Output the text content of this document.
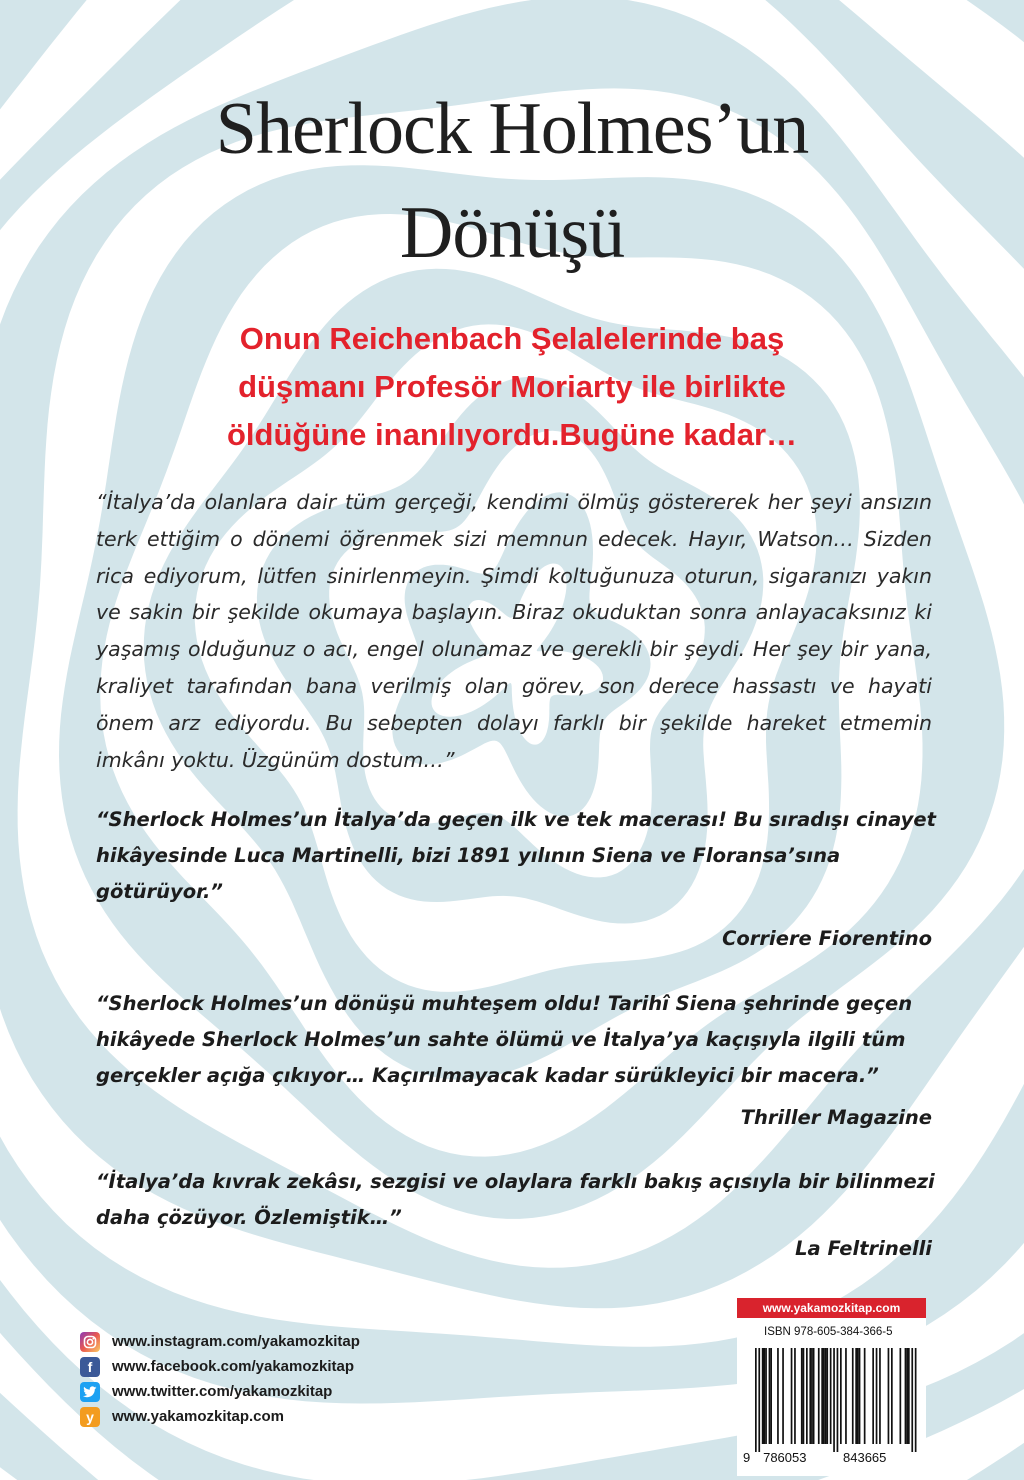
Sherlock Holmes’un
Dönüşü
Onun Reichenbach Şelalelerinde baş
düşmanı Profesör Moriarty ile birlikte
öldüğüne inanılıyordu.Bugüne kadar…
“İtalya’da olanlara dair tüm gerçeği, kendimi ölmüş göstererek her şeyi ansızın
terk ettiğim o dönemi öğrenmek sizi memnun edecek. Hayır, Watson… Sizden
rica ediyorum, lütfen sinirlenmeyin. Şimdi koltuğunuza oturun, sigaranızı yakın
ve sakin bir şekilde okumaya başlayın. Biraz okuduktan sonra anlayacaksınız ki
yaşamış olduğunuz o acı, engel olunamaz ve gerekli bir şeydi. Her şey bir yana,
kraliyet tarafından bana verilmiş olan görev, son derece hassastı ve hayati
önem arz ediyordu. Bu sebepten dolayı farklı bir şekilde hareket etmemin
imkânı yoktu. Üzgünüm dostum…”
“Sherlock Holmes’un İtalya’da geçen ilk ve tek macerası! Bu sıradışı cinayet
hikâyesinde Luca Martinelli, bizi 1891 yılının Siena ve Floransa’sına
götürüyor.”
Corriere Fiorentino
“Sherlock Holmes’un dönüşü muhteşem oldu! Tarihî Siena şehrinde geçen
hikâyede Sherlock Holmes’un sahte ölümü ve İtalya’ya kaçışıyla ilgili tüm
gerçekler açığa çıkıyor… Kaçırılmayacak kadar sürükleyici bir macera.”
Thriller Magazine
“İtalya’da kıvrak zekâsı, sezgisi ve olaylara farklı bakış açısıyla bir bilinmezi
daha çözüyor. Özlemiştik…”
La Feltrinelli
www.instagram.com/yakamozkitap
f	www.facebook.com/yakamozkitap
www.twitter.com/yakamozkitap
y	www.yakamozkitap.com
www.yakamozkitap.com
ISBN 978-605-384-366-5
9 786053	843665
